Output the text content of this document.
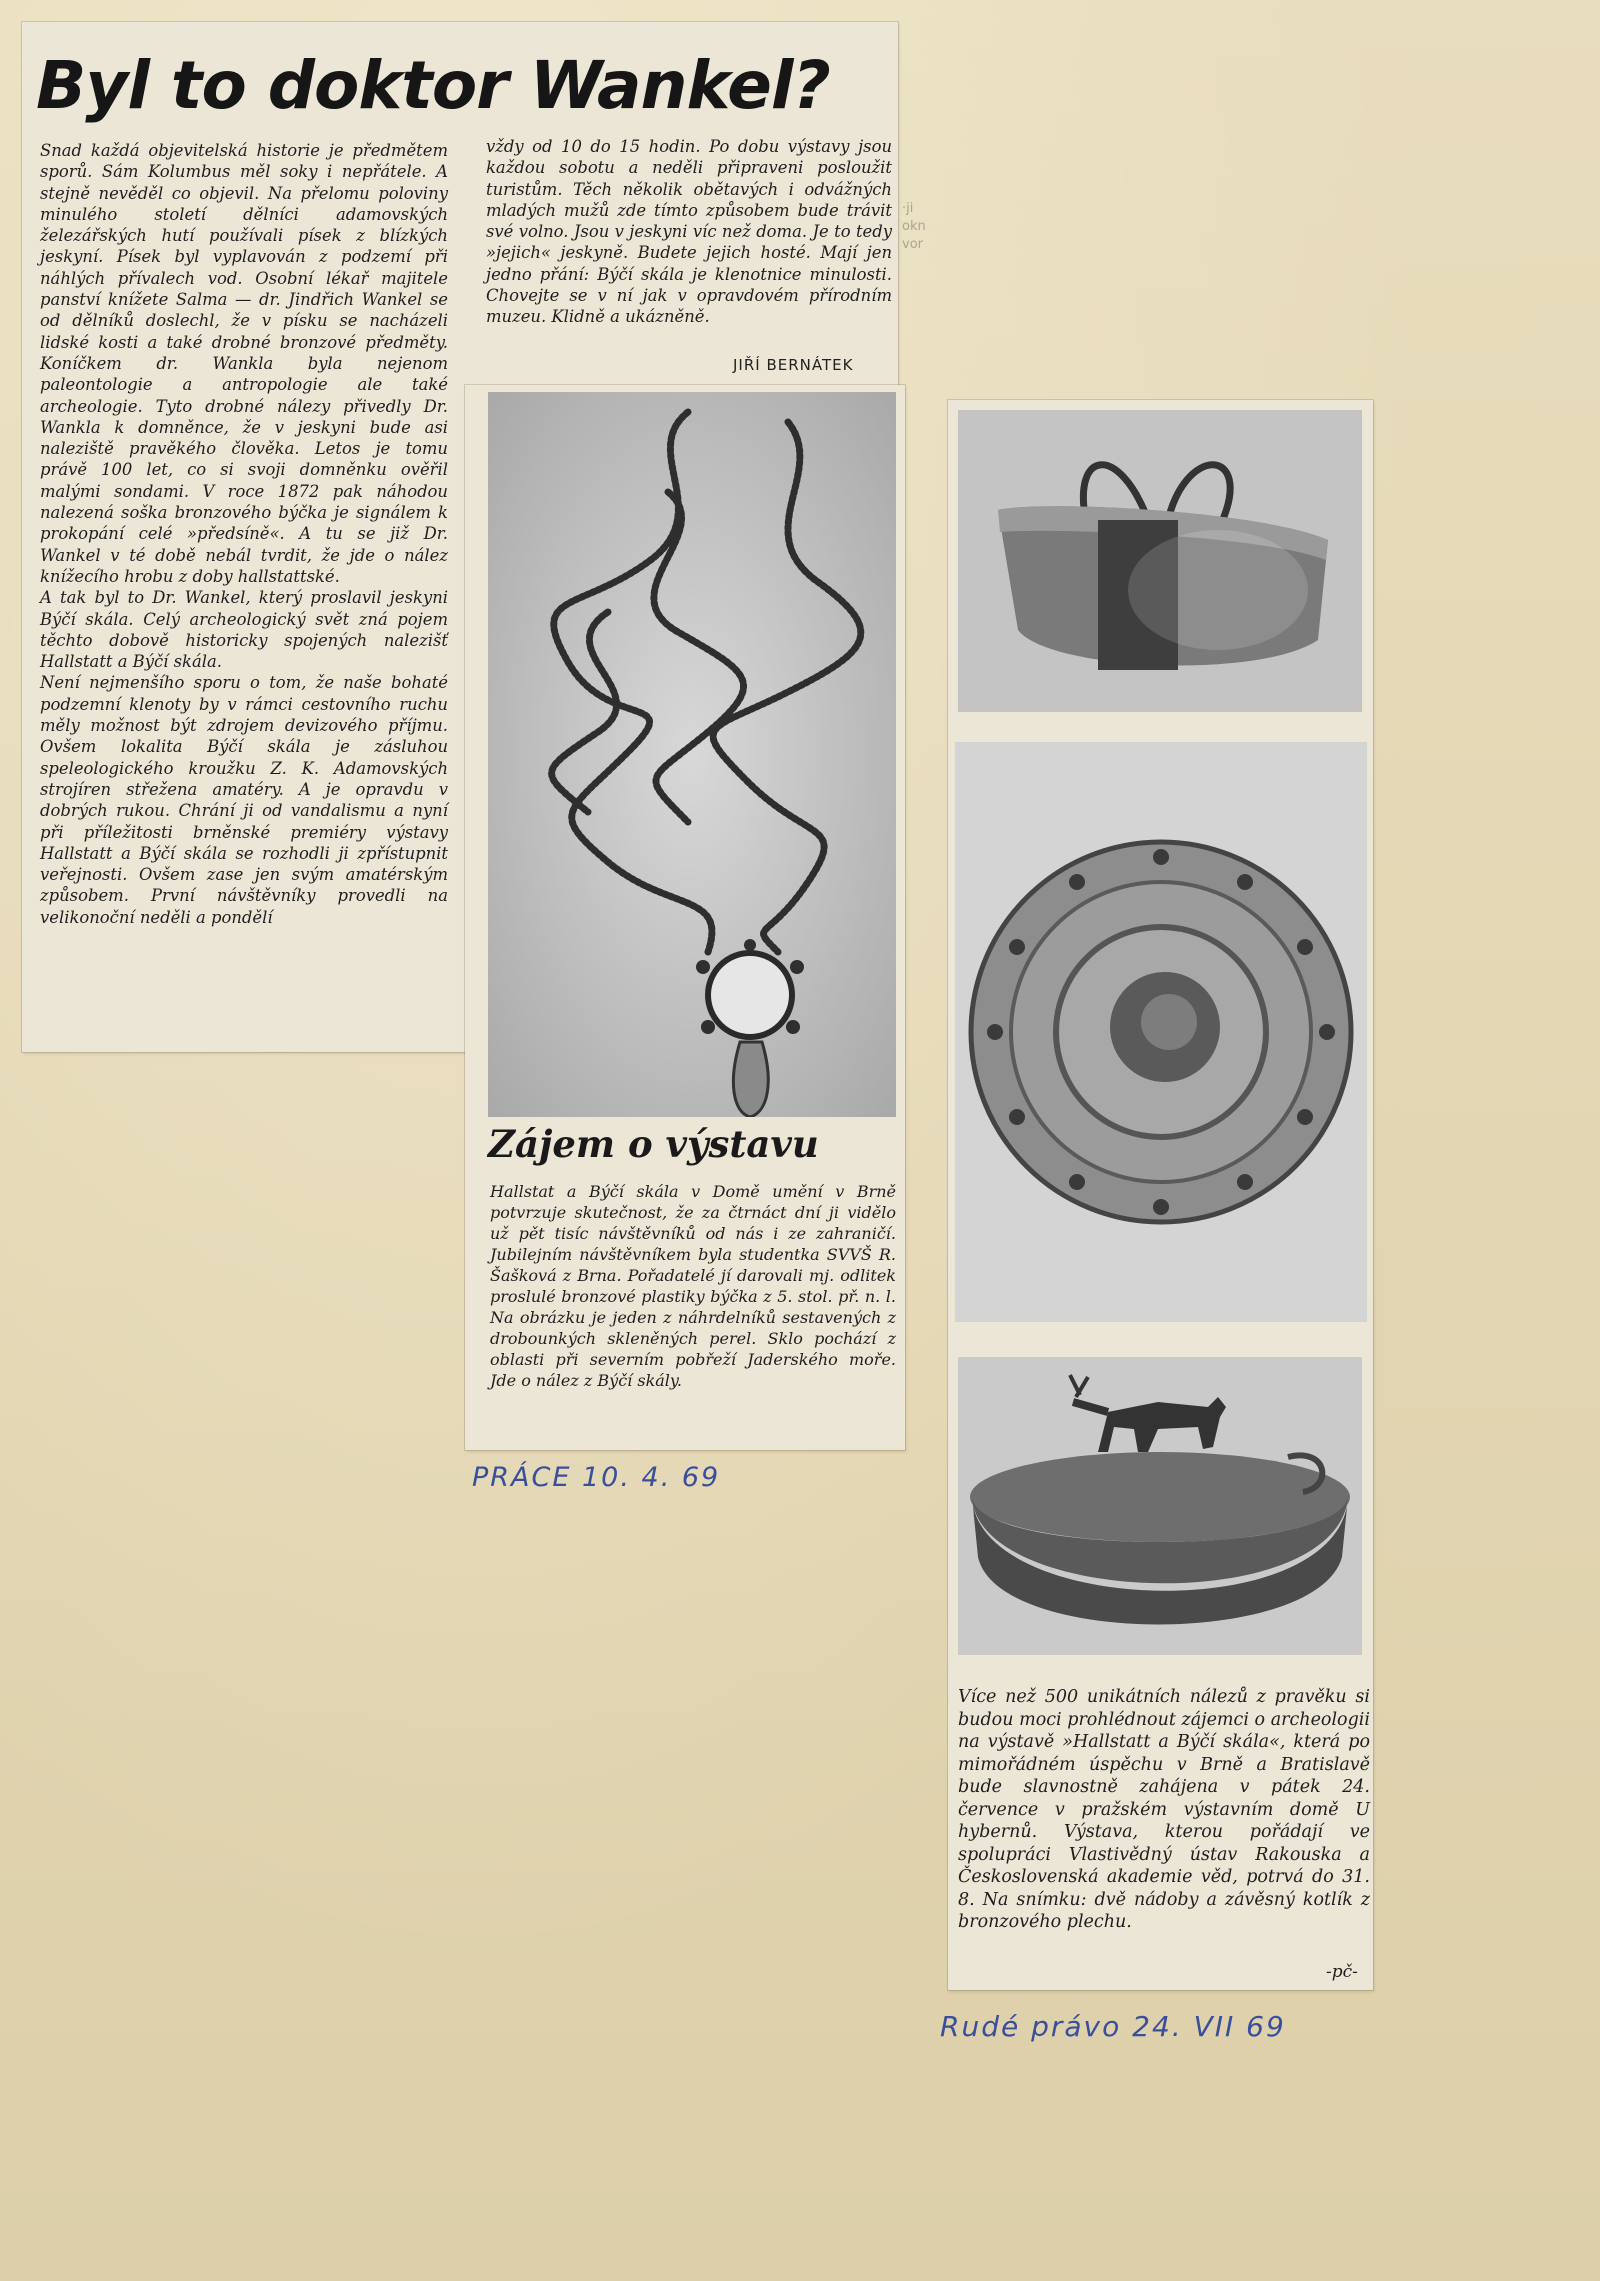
·ji
okn
vor
Byl to doktor Wankel?

Snad každá objevitelská historie je předmětem sporů. Sám Kolumbus měl soky i nepřátele. A stejně nevěděl co objevil. Na přelomu poloviny minulého století dělníci adamovských železářských hutí používali písek z blízkých jeskyní. Písek byl vyplavován z podzemí při náhlých přívalech vod. Osobní lékař majitele panství knížete Salma — dr. Jindřich Wankel se od dělníků doslechl, že v písku se nacházeli lidské kosti a také drobné bronzové předměty. Koníčkem dr. Wankla byla nejenom paleontologie a antropologie ale také archeologie. Tyto drobné nálezy přivedly Dr. Wankla k domněnce, že v jeskyni bude asi naleziště pravěkého člověka. Letos je tomu právě 100 let, co si svoji domněnku ověřil malými sondami. V roce 1872 pak náhodou nalezená soška bronzového býčka je signálem k prokopání celé »předsíně«. A tu se již Dr. Wankel v té době nebál tvrdit, že jde o nález knížecího hrobu z doby hallstattské.
A tak byl to Dr. Wankel, který proslavil jeskyni Býčí skála. Celý archeologický svět zná pojem těchto dobově historicky spojených nalezišť Hallstatt a Býčí skála.
Není nejmenšího sporu o tom, že naše bohaté podzemní klenoty by v rámci cestovního ruchu měly možnost být zdrojem devizového příjmu. Ovšem lokalita Býčí skála je zásluhou speleologického kroužku Z. K. Adamovských strojíren střežena amatéry. A je opravdu v dobrých rukou. Chrání ji od vandalismu a nyní při příležitosti brněnské premiéry výstavy Hallstatt a Býčí skála se rozhodli ji zpřístupnit veřejnosti. Ovšem zase jen svým amatérským způsobem. První návštěvníky provedli na velikonoční neděli a pondělí

vždy od 10 do 15 hodin. Po dobu výstavy jsou každou sobotu a neděli připraveni posloužit turistům. Těch několik obětavých i odvážných mladých mužů zde tímto způsobem bude trávit své volno. Jsou v jeskyni víc než doma. Je to tedy »jejich« jeskyně. Budete jejich hosté. Mají jen jedno přání: Býčí skála je klenotnice minulosti. Chovejte se v ní jak v opravdovém přírodním muzeu. Klidně a ukázněně.

JIŘÍ BERNÁTEK
Zájem o výstavu

Hallstat a Býčí skála v Domě umění v Brně potvrzuje skutečnost, že za čtrnáct dní ji vidělo už pět tisíc návštěvníků od nás i ze zahraničí. Jubilejním návštěvníkem byla studentka SVVŠ R. Šašková z Brna. Pořadatelé jí darovali mj. odlitek proslulé bronzové plastiky býčka z 5. stol. př. n. l. Na obrázku je jeden z náhrdelníků sestavených z drobounkých skleněných perel. Sklo pochází z oblasti při severním pobřeží Jaderského moře. Jde o nález z Býčí skály.

PRÁCE 10. 4. 69

Více než 500 unikátních nálezů z pravěku si budou moci prohlédnout zájemci o archeologii na výstavě »Hallstatt a Býčí skála«, která po mimořádném úspěchu v Brně a Bratislavě bude slavnostně zahájena v pátek 24. července v pražském výstavním domě U hybernů. Výstava, kterou pořádají ve spolupráci Vlastivědný ústav Rakouska a Československá akademie věd, potrvá do 31. 8. Na snímku: dvě nádoby a závěsný kotlík z bronzového plechu.

-pč-
Rudé právo 24. VII 69
